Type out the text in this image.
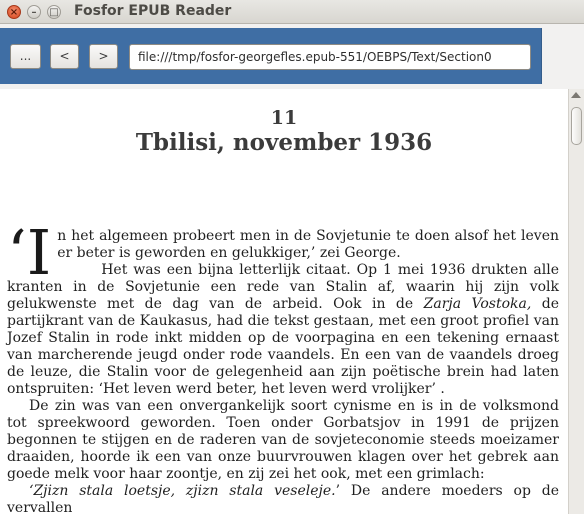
×	–	□ Fosfor EPUB Reader
...	<	>	file:///tmp/fosfor-georgefles.epub-551/OEBPS/Text/Section0
11
Tbilisi, november 1936

‘I n het algemeen probeert men in de Sovjetunie te doen alsof het leven er beter is geworden en gelukkiger,’ zei George.

Het was een bijna letterlijk citaat. Op 1 mei 1936 drukten alle kranten in de Sovjetunie een rede van Stalin af, waarin hij zijn volk gelukwenste met de dag van de arbeid. Ook in de Zarja Vostoka, de partijkrant van de Kaukasus, had die tekst gestaan, met een groot profiel van Jozef Stalin in rode inkt midden op de voorpagina en een tekening ernaast van marcherende jeugd onder rode vaandels. En een van de vaandels droeg de leuze, die Stalin voor de gelegenheid aan zijn poëtische brein had laten ontspruiten: ‘Het leven werd beter, het leven werd vrolijker’ .

De zin was van een onvergankelijk soort cynisme en is in de volksmond tot spreekwoord geworden. Toen onder Gorbatsjov in 1991 de prijzen begonnen te stijgen en de raderen van de sovjeteconomie steeds moeizamer draaiden, hoorde ik een van onze buurvrouwen klagen over het gebrek aan goede melk voor haar zoontje, en zij zei het ook, met een grimlach:

‘Zjizn stala loetsje, zjizn stala veseleje.’ De andere moeders op de vervallen
